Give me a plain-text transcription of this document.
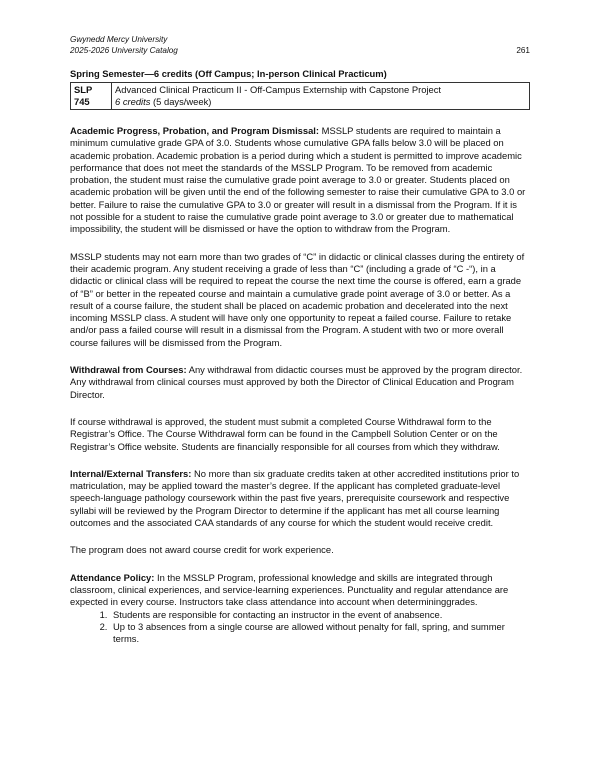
Gwynedd Mercy University
2025-2026 University Catalog	261
Spring Semester—6 credits (Off Campus; In-person Clinical Practicum)
SLP 745	
Advanced Clinical Practicum II - Off-Campus Externship with Capstone Project
6 credits (5 days/week)

Academic Progress, Probation, and Program Dismissal: MSSLP students are required to maintain a minimum cumulative grade GPA of 3.0. Students whose cumulative GPA falls below 3.0 will be placed on academic probation. Academic probation is a period during which a student is permitted to improve academic performance that does not meet the standards of the MSSLP Program. To be removed from academic probation, the student must raise the cumulative grade point average to 3.0 or greater. Students placed on academic probation will be given until the end of the following semester to raise their cumulative GPA to 3.0 or better. Failure to raise the cumulative GPA to 3.0 or greater will result in a dismissal from the Program. If it is not possible for a student to raise the cumulative grade point average to 3.0 or greater due to mathematical impossibility, the student will be dismissed or have the option to withdraw from the Program.

MSSLP students may not earn more than two grades of “C” in didactic or clinical classes during the entirety of their academic program. Any student receiving a grade of less than “C” (including a grade of “C -“), in a didactic or clinical class will be required to repeat the course the next time the course is offered, earn a grade of “B” or better in the repeated course and maintain a cumulative grade point average of 3.0 or better. As a result of a course failure, the student shall be placed on academic probation and decelerated into the next incoming MSSLP class. A student will have only one opportunity to repeat a failed course. Failure to retake and/or pass a failed course will result in a dismissal from the Program. A student with two or more overall course failures will be dismissed from the Program.

Withdrawal from Courses: Any withdrawal from didactic courses must be approved by the program director. Any withdrawal from clinical courses must approved by both the Director of Clinical Education and Program Director.

If course withdrawal is approved, the student must submit a completed Course Withdrawal form to the Registrar’s Office. The Course Withdrawal form can be found in the Campbell Solution Center or on the Registrar’s Office website. Students are financially responsible for all courses from which they withdraw.

Internal/External Transfers: No more than six graduate credits taken at other accredited institutions prior to matriculation, may be applied toward the master’s degree. If the applicant has completed graduate-level speech-language pathology coursework within the past five years, prerequisite coursework and respective syllabi will be reviewed by the Program Director to determine if the applicant has met all course learning outcomes and the associated CAA standards of any course for which the student would receive credit.

The program does not award course credit for work experience.

Attendance Policy: In the MSSLP Program, professional knowledge and skills are integrated through classroom, clinical experiences, and service-learning experiences. Punctuality and regular attendance are expected in every course. Instructors take class attendance into account when determininggrades.

1. Students are responsible for contacting an instructor in the event of anabsence.
2. Up to 3 absences from a single course are allowed without penalty for fall, spring, and summer terms.
